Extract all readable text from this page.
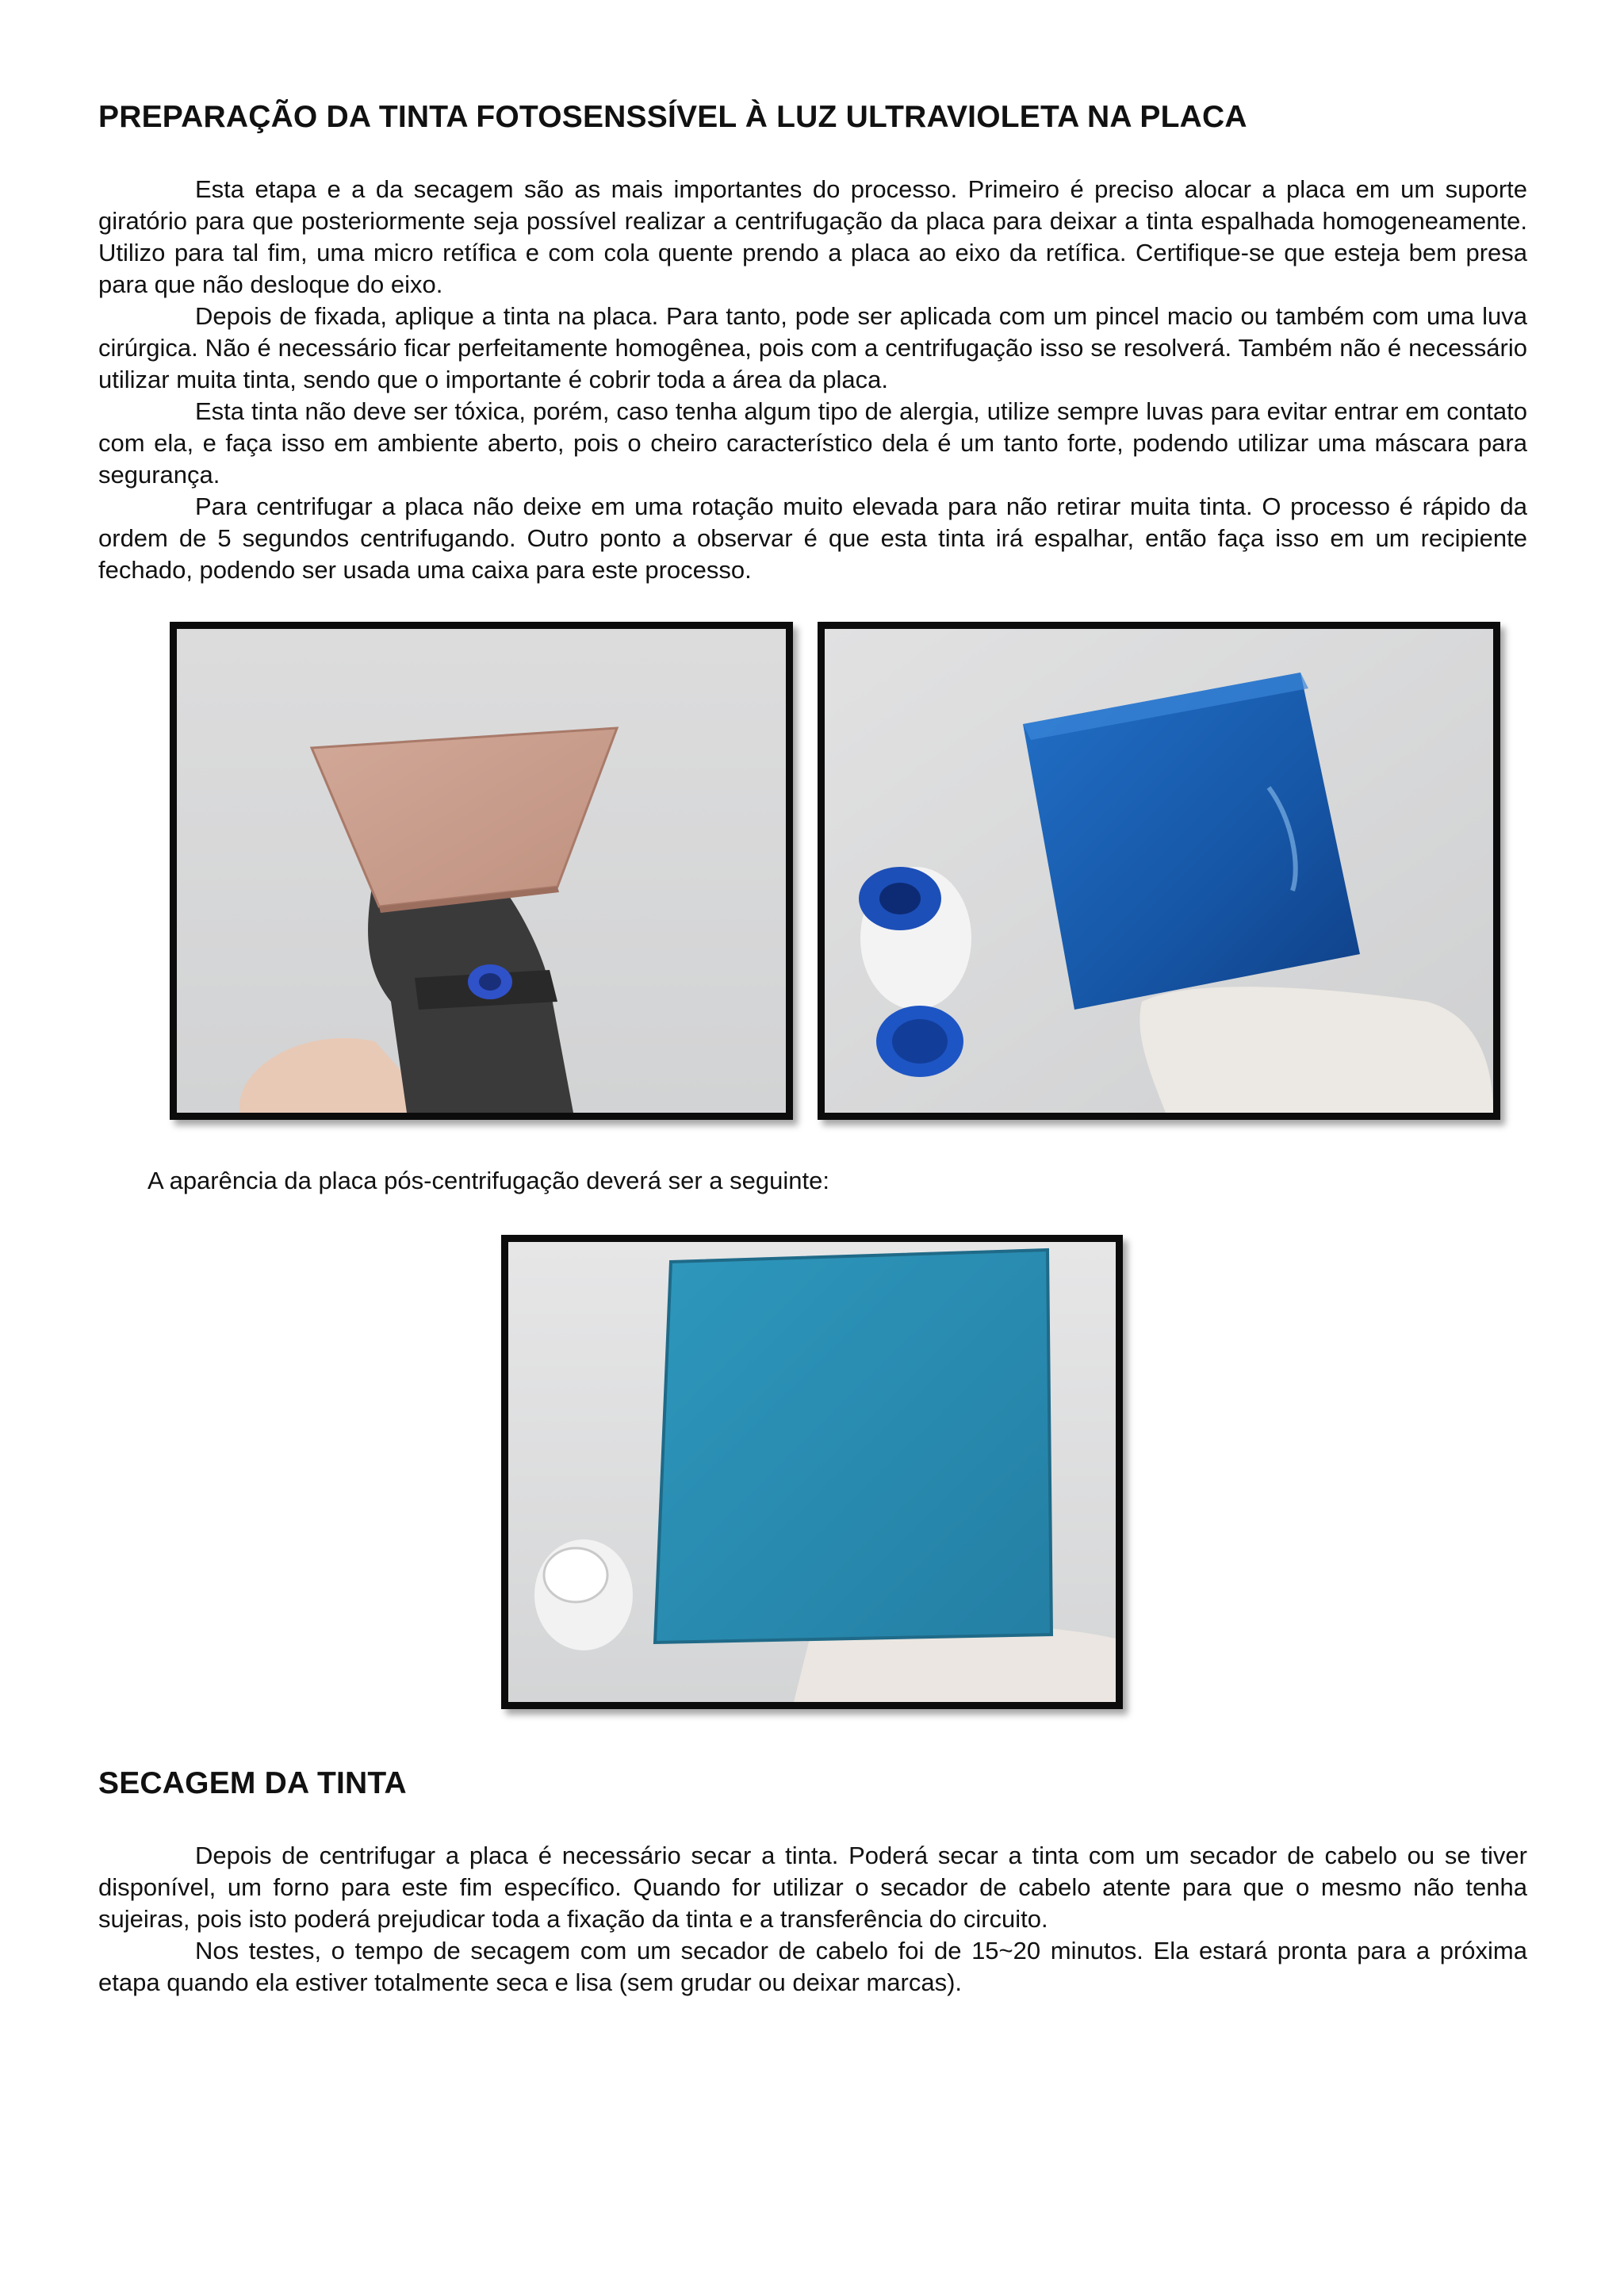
PREPARAÇÃO DA TINTA FOTOSENSSÍVEL À LUZ ULTRAVIOLETA NA PLACA

Esta etapa e a da secagem são as mais importantes do processo. Primeiro é preciso alocar a placa em um suporte giratório para que posteriormente seja possível realizar a centrifugação da placa para deixar a tinta espalhada homogeneamente. Utilizo para tal fim, uma micro retífica e com cola quente prendo a placa ao eixo da retífica. Certifique-se que esteja bem presa para que não desloque do eixo.

Depois de fixada, aplique a tinta na placa. Para tanto, pode ser aplicada com um pincel macio ou também com uma luva cirúrgica. Não é necessário ficar perfeitamente homogênea, pois com a centrifugação isso se resolverá. Também não é necessário utilizar muita tinta, sendo que o importante é cobrir toda a área da placa.

Esta tinta não deve ser tóxica, porém, caso tenha algum tipo de alergia, utilize sempre luvas para evitar entrar em contato com ela, e faça isso em ambiente aberto, pois o cheiro característico dela é um tanto forte, podendo utilizar uma máscara para segurança.

Para centrifugar a placa não deixe em uma rotação muito elevada para não retirar muita tinta. O processo é rápido da ordem de 5 segundos centrifugando. Outro ponto a observar é que esta tinta irá espalhar, então faça isso em um recipiente fechado, podendo ser usada uma caixa para este processo.

A aparência da placa pós-centrifugação deverá ser a seguinte:
SECAGEM DA TINTA

Depois de centrifugar a placa é necessário secar a tinta. Poderá secar a tinta com um secador de cabelo ou se tiver disponível, um forno para este fim específico. Quando for utilizar o secador de cabelo atente para que o mesmo não tenha sujeiras, pois isto poderá prejudicar toda a fixação da tinta e a transferência do circuito.

Nos testes, o tempo de secagem com um secador de cabelo foi de 15~20 minutos. Ela estará pronta para a próxima etapa quando ela estiver totalmente seca e lisa (sem grudar ou deixar marcas).
